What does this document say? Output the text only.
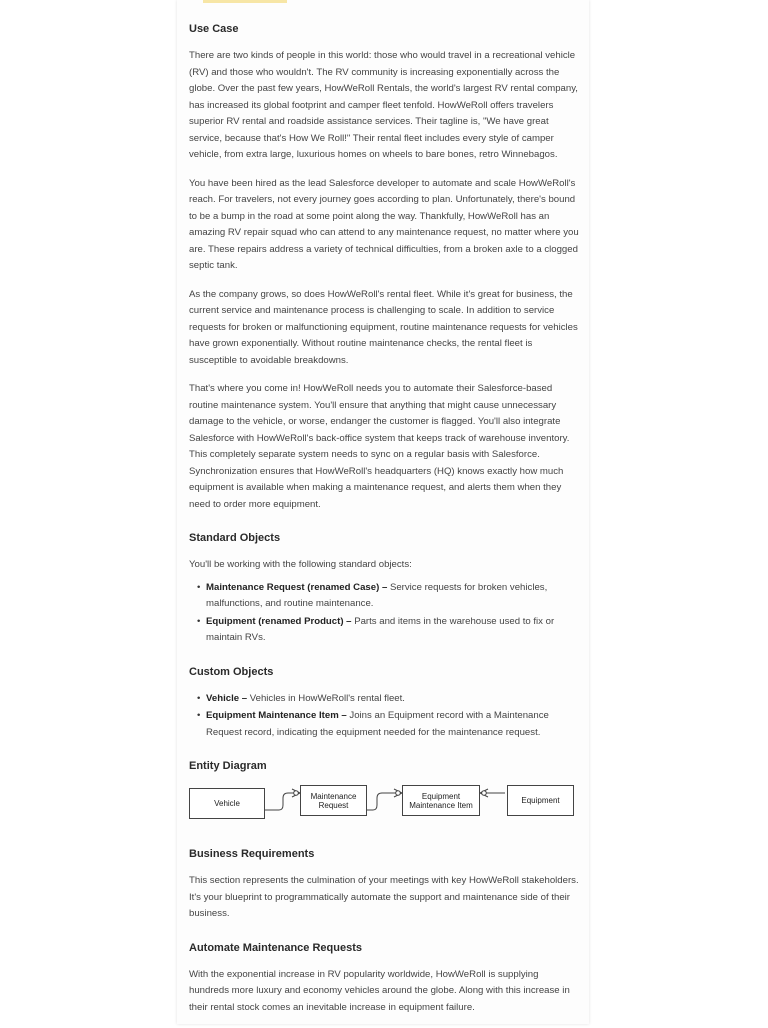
Use Case

There are two kinds of people in this world: those who would travel in a recreational vehicle (RV) and those who wouldn't. The RV community is increasing exponentially across the globe. Over the past few years, HowWeRoll Rentals, the world's largest RV rental company, has increased its global footprint and camper fleet tenfold. HowWeRoll offers travelers superior RV rental and roadside assistance services. Their tagline is, "We have great service, because that's How We Roll!" Their rental fleet includes every style of camper vehicle, from extra large, luxurious homes on wheels to bare bones, retro Winnebagos.

You have been hired as the lead Salesforce developer to automate and scale HowWeRoll's reach. For travelers, not every journey goes according to plan. Unfortunately, there's bound to be a bump in the road at some point along the way. Thankfully, HowWeRoll has an amazing RV repair squad who can attend to any maintenance request, no matter where you are. These repairs address a variety of technical difficulties, from a broken axle to a clogged septic tank.

As the company grows, so does HowWeRoll's rental fleet. While it's great for business, the current service and maintenance process is challenging to scale. In addition to service requests for broken or malfunctioning equipment, routine maintenance requests for vehicles have grown exponentially. Without routine maintenance checks, the rental fleet is susceptible to avoidable breakdowns.

That's where you come in! HowWeRoll needs you to automate their Salesforce-based routine maintenance system. You'll ensure that anything that might cause unnecessary damage to the vehicle, or worse, endanger the customer is flagged. You'll also integrate Salesforce with HowWeRoll's back-office system that keeps track of warehouse inventory. This completely separate system needs to sync on a regular basis with Salesforce. Synchronization ensures that HowWeRoll's headquarters (HQ) knows exactly how much equipment is available when making a maintenance request, and alerts them when they need to order more equipment.

Standard Objects

You'll be working with the following standard objects:

• Maintenance Request (renamed Case) – Service requests for broken vehicles, malfunctions, and routine maintenance.
• Equipment (renamed Product) – Parts and items in the warehouse used to fix or maintain RVs.
Custom Objects
• Vehicle – Vehicles in HowWeRoll's rental fleet.
• Equipment Maintenance Item – Joins an Equipment record with a Maintenance Request record, indicating the equipment needed for the maintenance request.
Entity Diagram
Vehicle
Maintenance
Request
Equipment
Maintenance Item	Equipment
Business Requirements

This section represents the culmination of your meetings with key HowWeRoll stakeholders. It's your blueprint to programmatically automate the support and maintenance side of their business.

Automate Maintenance Requests

With the exponential increase in RV popularity worldwide, HowWeRoll is supplying hundreds more luxury and economy vehicles around the globe. Along with this increase in their rental stock comes an inevitable increase in equipment failure.
